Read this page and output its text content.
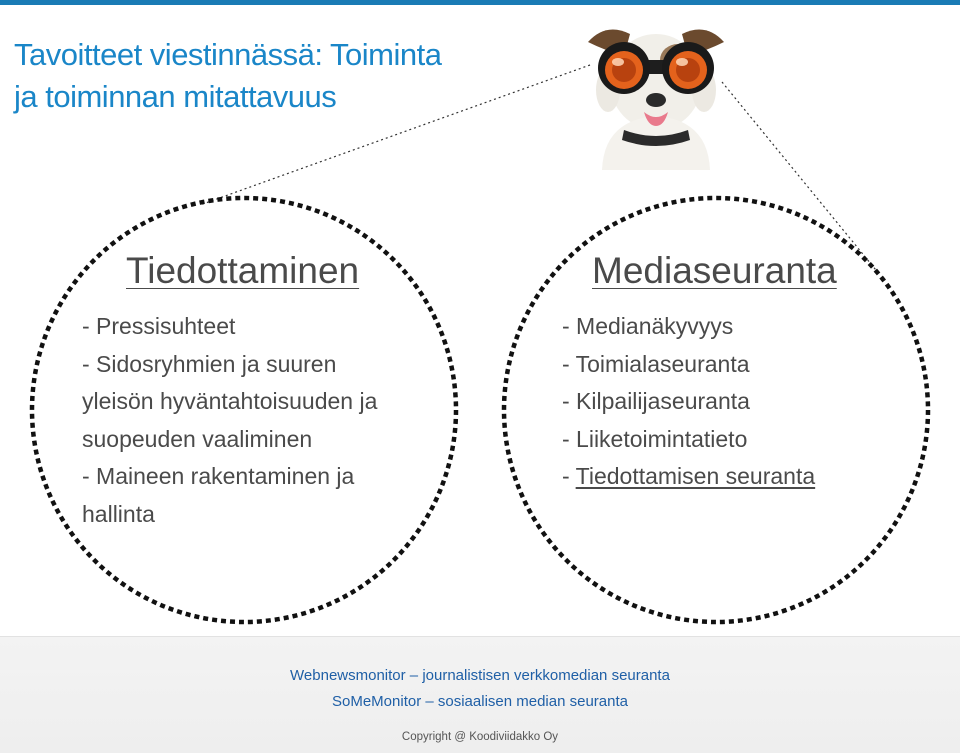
Tavoitteet viestinnässä: Toiminta
ja toiminnan mitattavuus
Tiedottaminen
- Pressisuhteet
- Sidosryhmien ja suuren
yleisön hyväntahtoisuuden ja
suopeuden vaaliminen
- Maineen rakentaminen ja
hallinta
Mediaseuranta
- Medianäkyvyys
- Toimialaseuranta
- Kilpailijaseuranta
- Liiketoimintatieto
- Tiedottamisen seuranta
Webnewsmonitor – journalistisen verkkomedian seuranta
SoMeMonitor – sosiaalisen median seuranta
Copyright @ Koodiviidakko Oy
